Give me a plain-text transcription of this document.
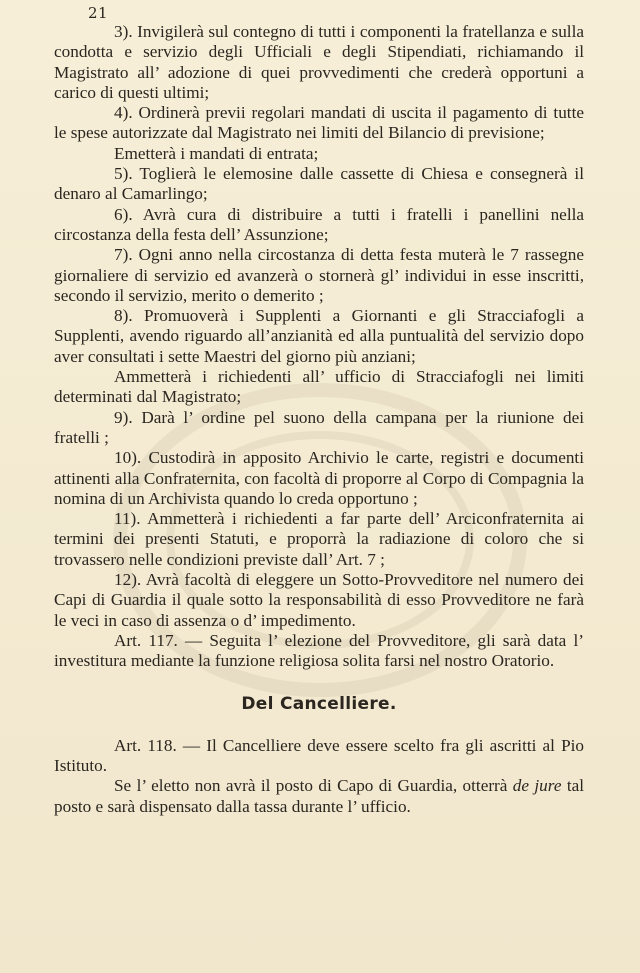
21

3). Invigilerà sul contegno di tutti i componenti la fratellanza e sulla condotta e servizio degli Ufficiali e degli Stipendiati, richiamando il Magistrato all’ adozione di quei provvedimenti che crederà opportuni a carico di questi ultimi;

4). Ordinerà previi regolari mandati di uscita il pagamento di tutte le spese autorizzate dal Magistrato nei limiti del Bilancio di previsione;

Emetterà i mandati di entrata;

5). Toglierà le elemosine dalle cassette di Chiesa e consegnerà il denaro al Camarlingo;

6). Avrà cura di distribuire a tutti i fratelli i panellini nella circostanza della festa dell’ Assunzione;

7). Ogni anno nella circostanza di detta festa muterà le 7 rassegne giornaliere di servizio ed avanzerà o stornerà gl’ individui in esse inscritti, secondo il servizio, merito o demerito ;

8). Promuoverà i Supplenti a Giornanti e gli Stracciafogli a Supplenti, avendo riguardo all’anzianità ed alla puntualità del servizio dopo aver consultati i sette Maestri del giorno più anziani;

Ammetterà i richiedenti all’ ufficio di Stracciafogli nei limiti determinati dal Magistrato;

9). Darà l’ ordine pel suono della campana per la riunione dei fratelli ;

10). Custodirà in apposito Archivio le carte, registri e documenti attinenti alla Confraternita, con facoltà di proporre al Corpo di Compagnia la nomina di un Archivista quando lo creda opportuno ;

11). Ammetterà i richiedenti a far parte dell’ Arciconfraternita ai termini dei presenti Statuti, e proporrà la radiazione di coloro che si trovassero nelle condizioni previste dall’ Art. 7 ;

12). Avrà facoltà di eleggere un Sotto-Provveditore nel numero dei Capi di Guardia il quale sotto la responsabilità di esso Provveditore ne farà le veci in caso di assenza o d’ impedimento.

Art. 117. — Seguita l’ elezione del Provveditore, gli sarà data l’ investitura mediante la funzione religiosa solita farsi nel nostro Oratorio.

Del Cancelliere.

Art. 118. — Il Cancelliere deve essere scelto fra gli ascritti al Pio Istituto.

Se l’ eletto non avrà il posto di Capo di Guardia, otterrà de jure tal posto e sarà dispensato dalla tassa durante l’ ufficio.
